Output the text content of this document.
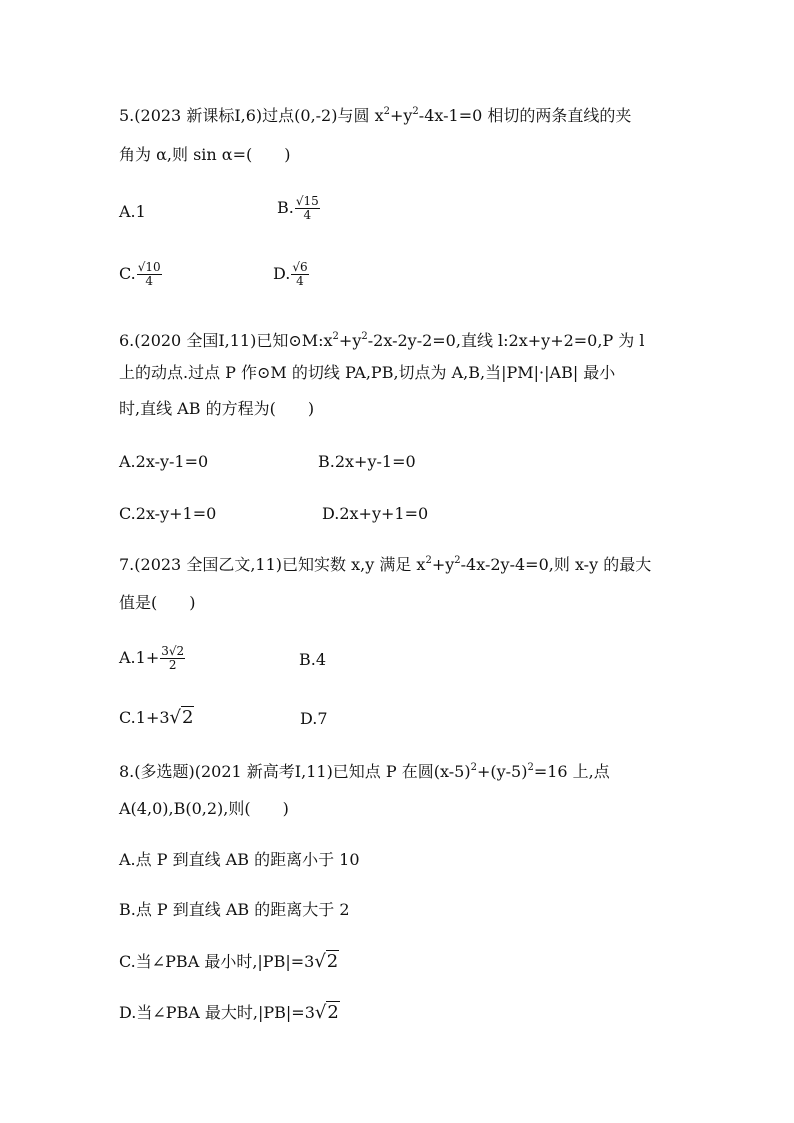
5.(2023 新课标Ⅰ,6)过点(0,-2)与圆 $x^2+y^2-4x-1=0$ 相切的两条直线的夹
角为 α,则 sin α=(　　)
A.1	B. $\frac{√15}{4}$
C. $\frac{√10}{4}$	D. $\frac{√6}{4}$
6.(2020 全国Ⅰ,11)已知$⊙M:x^2+y^2-2x-2y-2=0$,直线 l:2x+y+2=0,P 为 l
上的动点.过点 P 作⊙M 的切线 PA,PB,切点为 A,B,当|PM|·|AB| 最小
时,直线 AB 的方程为(　　)
A.2x-y-1=0	B.2x+y-1=0
C.2x-y+1=0	D.2x+y+1=0
7.(2023 全国乙文,11)已知实数 x,y 满足 $x^2+y^2-4x-2y-4=0$,则 x-y 的最大
值是(　　)
$A.1+ \frac{3√2}{2}$	B.4
C.1+3√2	D.7
8.(多选题)(2021 新高考Ⅰ,11)已知点 P 在圆$(x-5)^2+(y-5)^2=16$ 上,点
A(4,0),B(0,2),则(　　)
A.点 P 到直线 AB 的距离小于 10
B.点 P 到直线 AB 的距离大于 2
C.当∠PBA 最小时,|PB|=3√2
D.当∠PBA 最大时,|PB|=3√2
